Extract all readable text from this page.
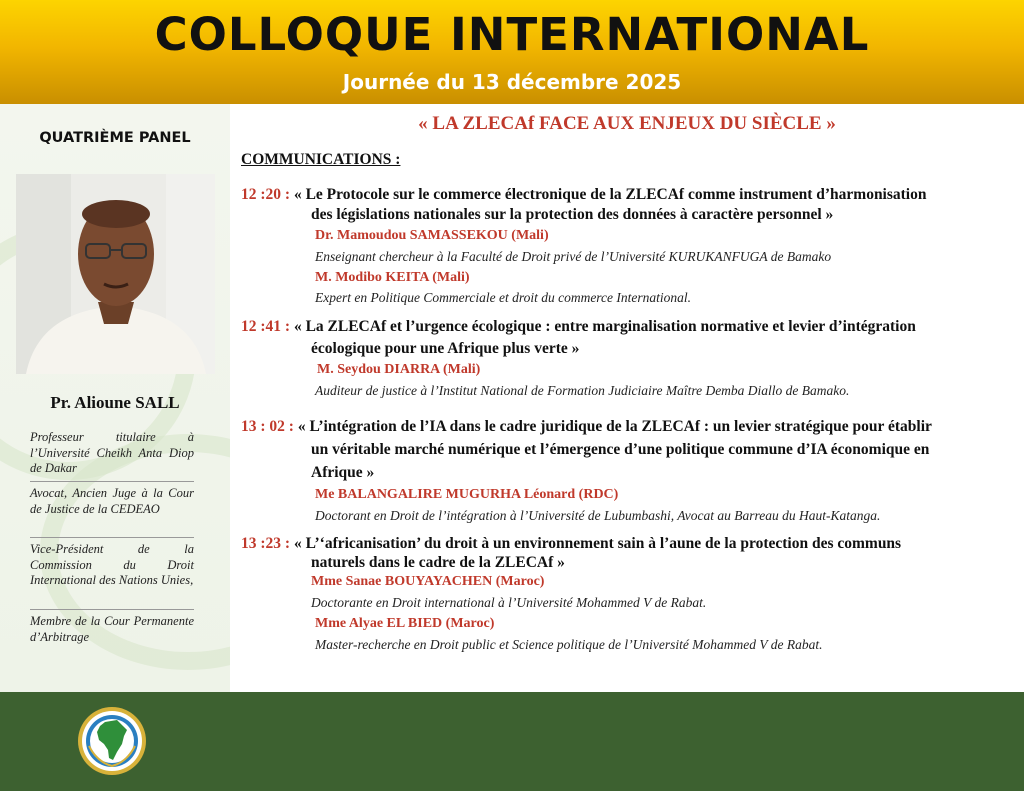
COLLOQUE INTERNATIONAL
Journée du 13 décembre 2025
QUATRIÈME PANEL
Pr. Alioune SALL
Professeur titulaire à l’Université Cheikh Anta Diop de Dakar
Avocat, Ancien Juge à la Cour de Justice de la CEDEAO
Vice-Président de la Commission du Droit International des Nations Unies,
Membre de la Cour Permanente d’Arbitrage
« LA ZLECAf FACE AUX ENJEUX DU SIÈCLE »
COMMUNICATIONS :
12 :20 : « Le Protocole sur le commerce électronique de la ZLECAf comme instrument d’harmonisation
des législations nationales sur la protection des données à caractère personnel »
Dr. Mamoudou SAMASSEKOU (Mali)
Enseignant chercheur à la Faculté de Droit privé de l’Université KURUKANFUGA de Bamako
M. Modibo KEITA (Mali)
Expert en Politique Commerciale et droit du commerce International.
12 :41 : « La ZLECAf et l’urgence écologique : entre marginalisation normative et levier d’intégration
écologique pour une Afrique plus verte »
M. Seydou DIARRA (Mali)
Auditeur de justice à l’Institut National de Formation Judiciaire Maître Demba Diallo de Bamako.
13 : 02 : « L’intégration de l’IA dans le cadre juridique de la ZLECAf : un levier stratégique pour établir
un véritable marché numérique et l’émergence d’une politique commune d’IA économique en
Afrique »
Me BALANGALIRE MUGURHA Léonard (RDC)
Doctorant en Droit de l’intégration à l’Université de Lubumbashi, Avocat au Barreau du Haut-Katanga.
13 :23 : « L’‘africanisation’ du droit à un environnement sain à l’aune de la protection des communs
naturels dans le cadre de la ZLECAf »
Mme Sanae BOUYAYACHEN (Maroc)
Doctorante en Droit international à l’Université Mohammed V de Rabat.
Mme Alyae EL BIED (Maroc)
Master-recherche en Droit public et Science politique de l’Université Mohammed V de Rabat.
